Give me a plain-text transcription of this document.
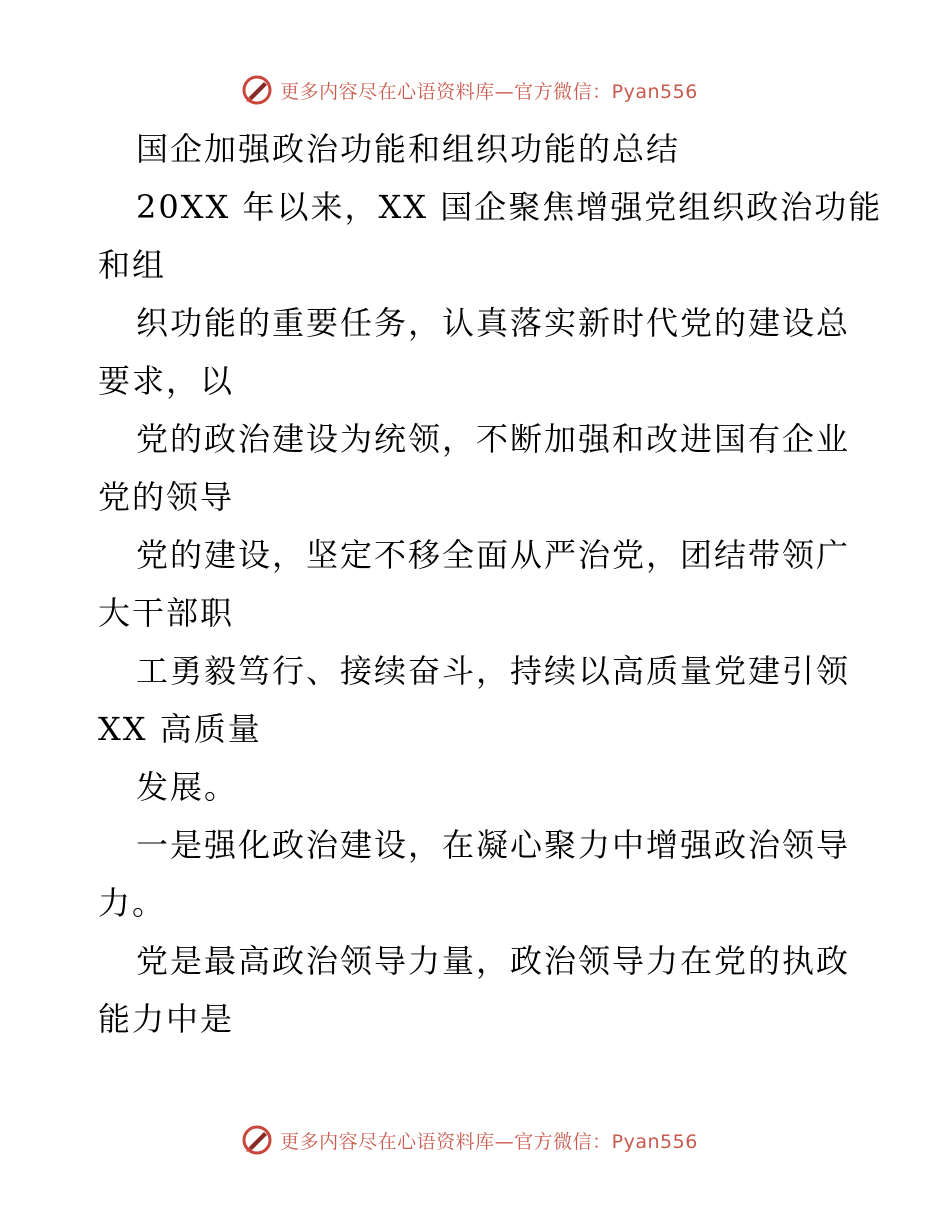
更多内容尽在心语资料库—官方微信：Pyan556
国企加强政治功能和组织功能的总结
20XX 年以来，XX 国企聚焦增强党组织政治功能
和组
织功能的重要任务，认真落实新时代党的建设总
要求，以
党的政治建设为统领，不断加强和改进国有企业
党的领导
党的建设，坚定不移全面从严治党，团结带领广
大干部职
工勇毅笃行、接续奋斗，持续以高质量党建引领
XX 高质量
发展。
一是强化政治建设，在凝心聚力中增强政治领导
力。
党是最高政治领导力量，政治领导力在党的执政
能力中是
更多内容尽在心语资料库—官方微信：Pyan556
